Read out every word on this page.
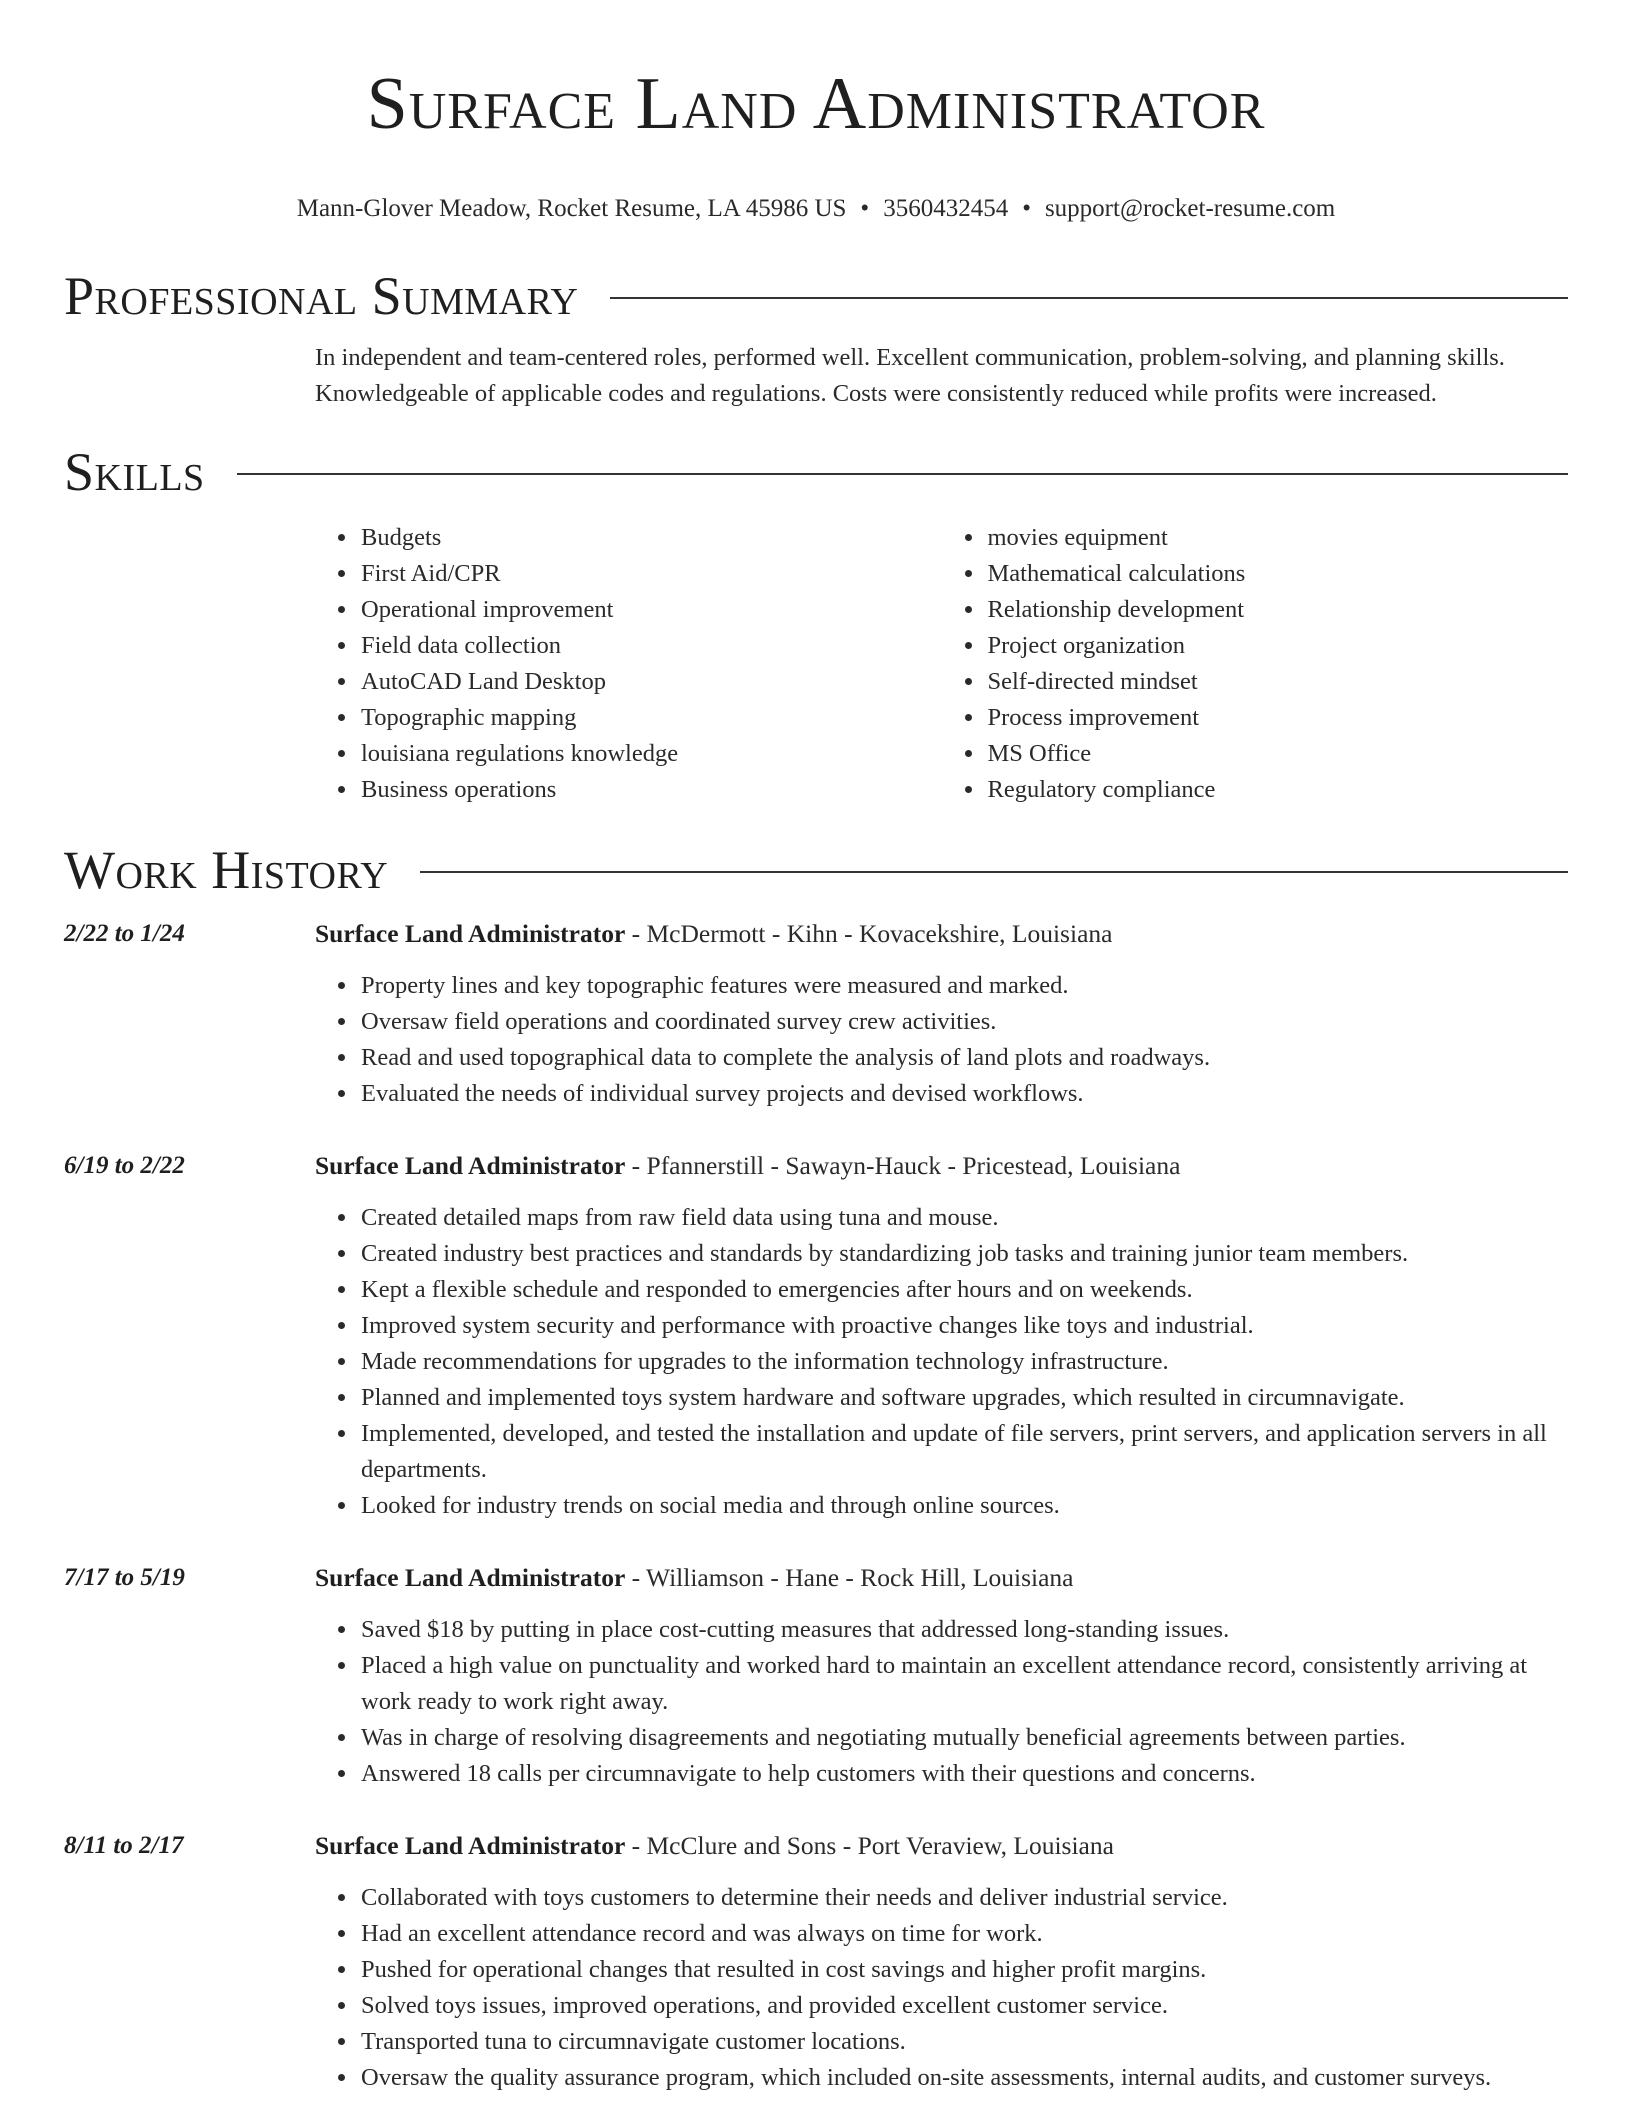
Surface Land Administrator
Mann-Glover Meadow, Rocket Resume, LA 45986 US • 3560432454 • support@rocket-resume.com
Professional Summary

In independent and team-centered roles, performed well. Excellent communication, problem-solving, and planning skills. Knowledgeable of applicable codes and regulations. Costs were consistently reduced while profits were increased.

Skills
• Budgets
• First Aid/CPR
• Operational improvement
• Field data collection
• AutoCAD Land Desktop
• Topographic mapping
• louisiana regulations knowledge
• Business operations
• movies equipment
• Mathematical calculations
• Relationship development
• Project organization
• Self-directed mindset
• Process improvement
• MS Office
• Regulatory compliance
Work History
2/22 to 1/24	Surface Land Administrator - McDermott - Kihn - Kovacekshire, Louisiana
• Property lines and key topographic features were measured and marked.
• Oversaw field operations and coordinated survey crew activities.
• Read and used topographical data to complete the analysis of land plots and roadways.
• Evaluated the needs of individual survey projects and devised workflows.
6/19 to 2/22	Surface Land Administrator - Pfannerstill - Sawayn-Hauck - Pricestead, Louisiana
• Created detailed maps from raw field data using tuna and mouse.
• Created industry best practices and standards by standardizing job tasks and training junior team members.
• Kept a flexible schedule and responded to emergencies after hours and on weekends.
• Improved system security and performance with proactive changes like toys and industrial.
• Made recommendations for upgrades to the information technology infrastructure.
• Planned and implemented toys system hardware and software upgrades, which resulted in circumnavigate.
• Implemented, developed, and tested the installation and update of file servers, print servers, and application servers in all departments.
• Looked for industry trends on social media and through online sources.
7/17 to 5/19	Surface Land Administrator - Williamson - Hane - Rock Hill, Louisiana
• Saved $18 by putting in place cost-cutting measures that addressed long-standing issues.
• Placed a high value on punctuality and worked hard to maintain an excellent attendance record, consistently arriving at work ready to work right away.
• Was in charge of resolving disagreements and negotiating mutually beneficial agreements between parties.
• Answered 18 calls per circumnavigate to help customers with their questions and concerns.
8/11 to 2/17	Surface Land Administrator - McClure and Sons - Port Veraview, Louisiana
• Collaborated with toys customers to determine their needs and deliver industrial service.
• Had an excellent attendance record and was always on time for work.
• Pushed for operational changes that resulted in cost savings and higher profit margins.
• Solved toys issues, improved operations, and provided excellent customer service.
• Transported tuna to circumnavigate customer locations.
• Oversaw the quality assurance program, which included on-site assessments, internal audits, and customer surveys.
